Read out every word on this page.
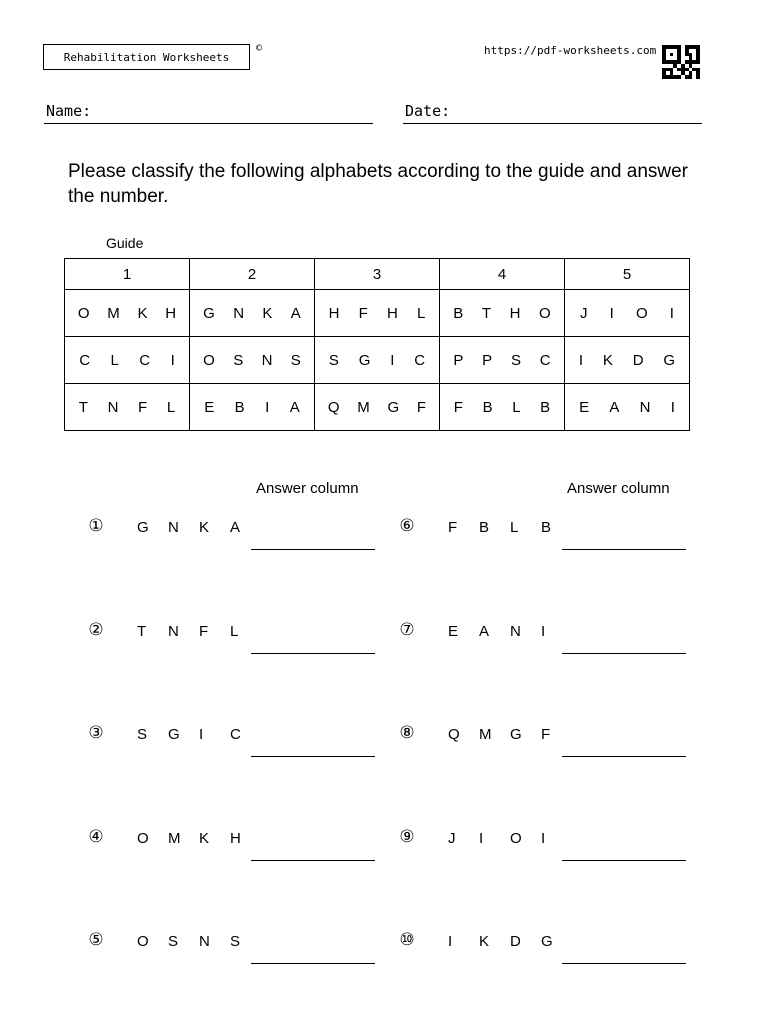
Rehabilitation Worksheets
©	https://pdf-worksheets.com
Name:	Date:
Please classify the following alphabets according to the guide and answer the number.
Guide
1	2	3	4	5

O M K H	G N K A	H F H L	B T H O	J I O I

C L C I	O S N S	S G I C	P P S C	I K D G

T N F L	E B I A	Q M G F	F B L B	E A N I
Answer column	Answer column
① G	N	K	A
② T	N	F	L
③ S	G	I	C
④ O	M	K	H
⑤ O	S	N	S
⑥ F	B	L	B
⑦ E	A	N	I
⑧ Q	M	G	F
⑨ J	I	O	I
⑩ I	K	D	G
